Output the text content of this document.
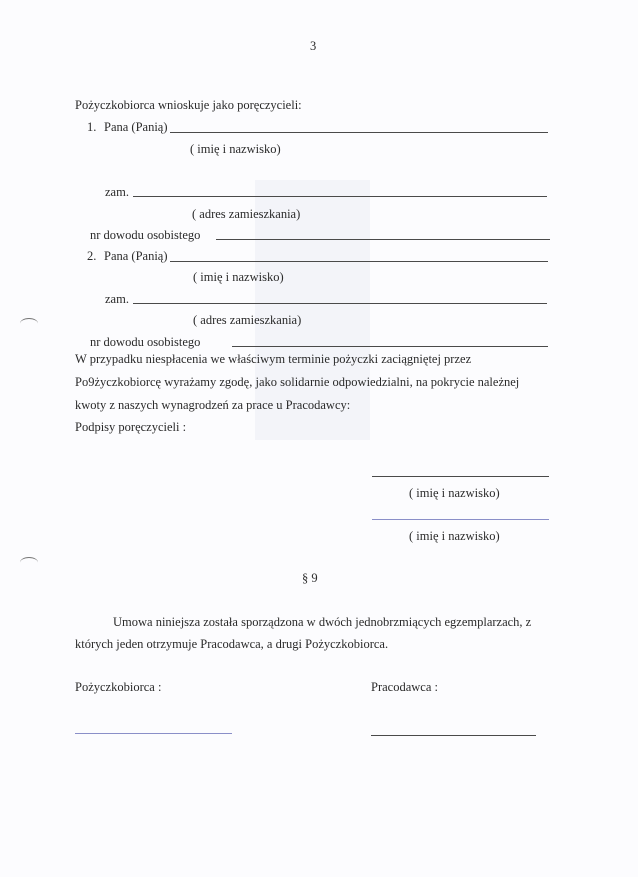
3
Pożyczkobiorca wnioskuje jako poręczycieli:
1. Pana (Panią)
( imię i nazwisko)
zam.
( adres zamieszkania)
nr dowodu osobistego
2. Pana (Panią)
( imię i nazwisko)
zam.
( adres zamieszkania)
nr dowodu osobistego
W przypadku niespłacenia we właściwym terminie pożyczki zaciągniętej przez
Po9życzkobiorcę wyrażamy zgodę, jako solidarnie odpowiedzialni, na pokrycie należnej
kwoty z naszych wynagrodzeń za prace u Pracodawcy:
Podpisy poręczycieli :
( imię i nazwisko)
( imię i nazwisko)
§ 9
Umowa niniejsza została sporządzona w dwóch jednobrzmiących egzemplarzach, z
których jeden otrzymuje Pracodawca, a drugi Pożyczkobiorca.
Pożyczkobiorca :	Pracodawca :
